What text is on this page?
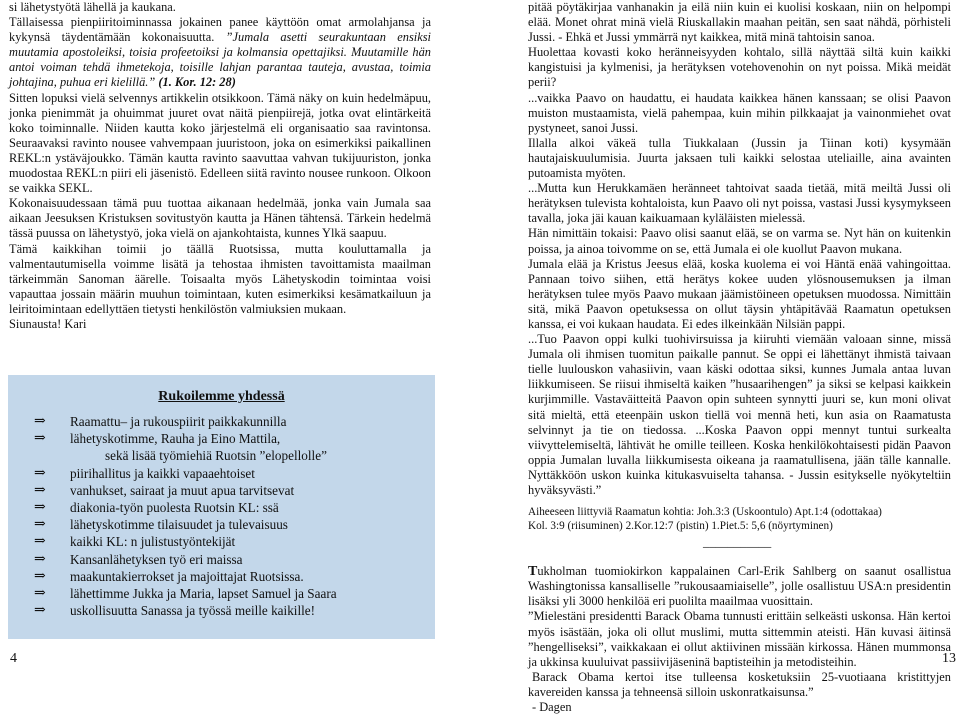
si lähetystyötä lähellä ja kaukana.

Tällaisessa pienpiiritoiminnassa jokainen panee käyttöön omat armolahjansa ja kykynsä täydentämään kokonaisuutta. ”Jumala asetti seurakuntaan ensiksi muutamia apostoleiksi, toisia profeetoiksi ja kolmansia opettajiksi. Muutamille hän antoi voiman tehdä ihmetekoja, toisille lahjan parantaa tauteja, avustaa, toimia johtajina, puhua eri kielillä.” (1. Kor. 12: 28)

Sitten lopuksi vielä selvennys artikkelin otsikkoon. Tämä näky on kuin hedelmäpuu, jonka pienimmät ja ohuimmat juuret ovat näitä pienpiirejä, jotka ovat elintärkeitä koko toiminnalle. Niiden kautta koko järjestelmä eli organisaatio saa ravintonsa. Seuraavaksi ravinto nousee vahvempaan juuristoon, joka on esimerkiksi paikallinen REKL:n ystäväjoukko. Tämän kautta ravinto saavuttaa vahvan tukijuuriston, jonka muodostaa REKL:n piiri eli jäsenistö. Edelleen siitä ravinto nousee runkoon. Olkoon se vaikka SEKL.

Kokonaisuudessaan tämä puu tuottaa aikanaan hedelmää, jonka vain Jumala saa aikaan Jeesuksen Kristuksen sovitustyön kautta ja Hänen tähtensä. Tärkein hedelmä tässä puussa on lähetystyö, joka vielä on ajankohtaista, kunnes Ylkä saapuu.

Tämä kaikkihan toimii jo täällä Ruotsissa, mutta kouluttamalla ja valmentautumisella voimme lisätä ja tehostaa ihmisten tavoittamista maailman tärkeimmän Sanoman äärelle. Toisaalta myös Lähetyskodin toimintaa voisi vapauttaa jossain määrin muuhun toimintaan, kuten esimerkiksi kesämatkailuun ja leiritoimintaan edellyttäen tietysti henkilöstön valmiuksien mukaan.

Siunausta! Kari

Rukoilemme yhdessä
⇒ Raamattu– ja rukouspiirit paikkakunnilla
⇒ lähetyskotimme, Rauha ja Eino Mattila,
sekä lisää työmiehiä Ruotsin ”elopellolle”
⇒ piirihallitus ja kaikki vapaaehtoiset
⇒ vanhukset, sairaat ja muut apua tarvitsevat
⇒ diakonia-työn puolesta Ruotsin KL: ssä
⇒ lähetyskotimme tilaisuudet ja tulevaisuus
⇒ kaikki KL: n julistustyöntekijät
⇒ Kansanlähetyksen työ eri maissa
⇒ maakuntakierrokset ja majoittajat Ruotsissa.
⇒ lähettimme Jukka ja Maria, lapset Samuel ja Saara
⇒ uskollisuutta Sanassa ja työssä meille kaikille!

pitää pöytäkirjaa vanhanakin ja eilä niin kuin ei kuolisi koskaan, niin on helpompi elää. Monet ohrat minä vielä Riuskallakin maahan peitän, sen saat nähdä, pörhisteli Jussi. - Ehkä et Jussi ymmärrä nyt kaikkea, mitä minä tahtoisin sanoa.

Huolettaa kovasti koko heränneisyyden kohtalo, sillä näyttää siltä kuin kaikki kangistuisi ja kylmenisi, ja herätyksen votehovenohin on nyt poissa. Mikä meidät perii?

...vaikka Paavo on haudattu, ei haudata kaikkea hänen kanssaan; se olisi Paavon muiston mustaamista, vielä pahempaa, kuin mihin pilkkaajat ja vainonmiehet ovat pystyneet, sanoi Jussi.

Illalla alkoi väkeä tulla Tiukkalaan (Jussin ja Tiinan koti) kysymään hautajaiskuulumisia. Juurta jaksaen tuli kaikki selostaa uteliaille, aina avainten putoamista myöten.

...Mutta kun Herukkamäen heränneet tahtoivat saada tietää, mitä meiltä Jussi oli herätyksen tulevista kohtaloista, kun Paavo oli nyt poissa, vastasi Jussi kysymykseen tavalla, joka jäi kauan kaikuamaan kyläläisten mielessä.

Hän nimittäin tokaisi: Paavo olisi saanut elää, se on varma se. Nyt hän on kuitenkin poissa, ja ainoa toivomme on se, että Jumala ei ole kuollut Paavon mukana.

Jumala elää ja Kristus Jeesus elää, koska kuolema ei voi Häntä enää vahingoittaa. Pannaan toivo siihen, että herätys kokee uuden ylösnousemuksen ja ilman herätyksen tulee myös Paavo mukaan jäämistöineen opetuksen muodossa. Nimittäin sitä, mikä Paavon opetuksessa on ollut täysin yhtäpitävää Raamatun opetuksen kanssa, ei voi kukaan haudata. Ei edes ilkeinkään Nilsiän pappi.

...Tuo Paavon oppi kulki tuohivirsuissa ja kiiruhti viemään valoaan sinne, missä Jumala oli ihmisen tuomitun paikalle pannut. Se oppi ei lähettänyt ihmistä taivaan tielle luulouskon vahasiivin, vaan käski odottaa siksi, kunnes Jumala antaa luvan liikkumiseen. Se riisui ihmiseltä kaiken ”husaarihengen” ja siksi se kelpasi kaikkein kurjimmille. Vastaväitteitä Paavon opin suhteen synnytti juuri se, kun moni olivat sitä mieltä, että eteenpäin uskon tiellä voi mennä heti, kun asia on Raamatusta selvinnyt ja tie on tiedossa. ...Koska Paavon oppi mennyt tuntui surkealta viivyttelemiseltä, lähtivät he omille teilleen. Koska henkilökohtaisesti pidän Paavon oppia Jumalan luvalla liikkumisesta oikeana ja raamatullisena, jään tälle kannalle. Nyttäkköön uskon kuinka kitukasvuiselta tahansa. - Jussin esitykselle nyökyteltiin hyväksyvästi.”

Aiheeseen liittyviä Raamatun kohtia: Joh.3:3 (Uskoontulo) Apt.1:4 (odottakaa)
Kol. 3:9 (riisuminen) 2.Kor.12:7 (pistin) 1.Piet.5: 5,6 (nöyrtyminen)
___________

Tukholman tuomiokirkon kappalainen Carl-Erik Sahlberg on saanut osallistua Washingtonissa kansalliselle ”rukousaamiaiselle”, jolle osallistuu USA:n presidentin lisäksi yli 3000 henkilöä eri puolilta maailmaa vuosittain.

”Mielestäni presidentti Barack Obama tunnusti erittäin selkeästi uskonsa. Hän kertoi myös isästään, joka oli ollut muslimi, mutta sittemmin ateisti. Hän kuvasi äitinsä ”hengelliseksi”, vaikkakaan ei ollut aktiivinen missään kirkossa. Hänen mummonsa ja ukkinsa kuuluivat passiivijäseninä baptisteihin ja metodisteihin.

Barack Obama kertoi itse tulleensa kosketuksiin 25-vuotiaana kristittyjen kavereiden kanssa ja tehneensä silloin uskonratkaisunsa.”

- Dagen

4	13
